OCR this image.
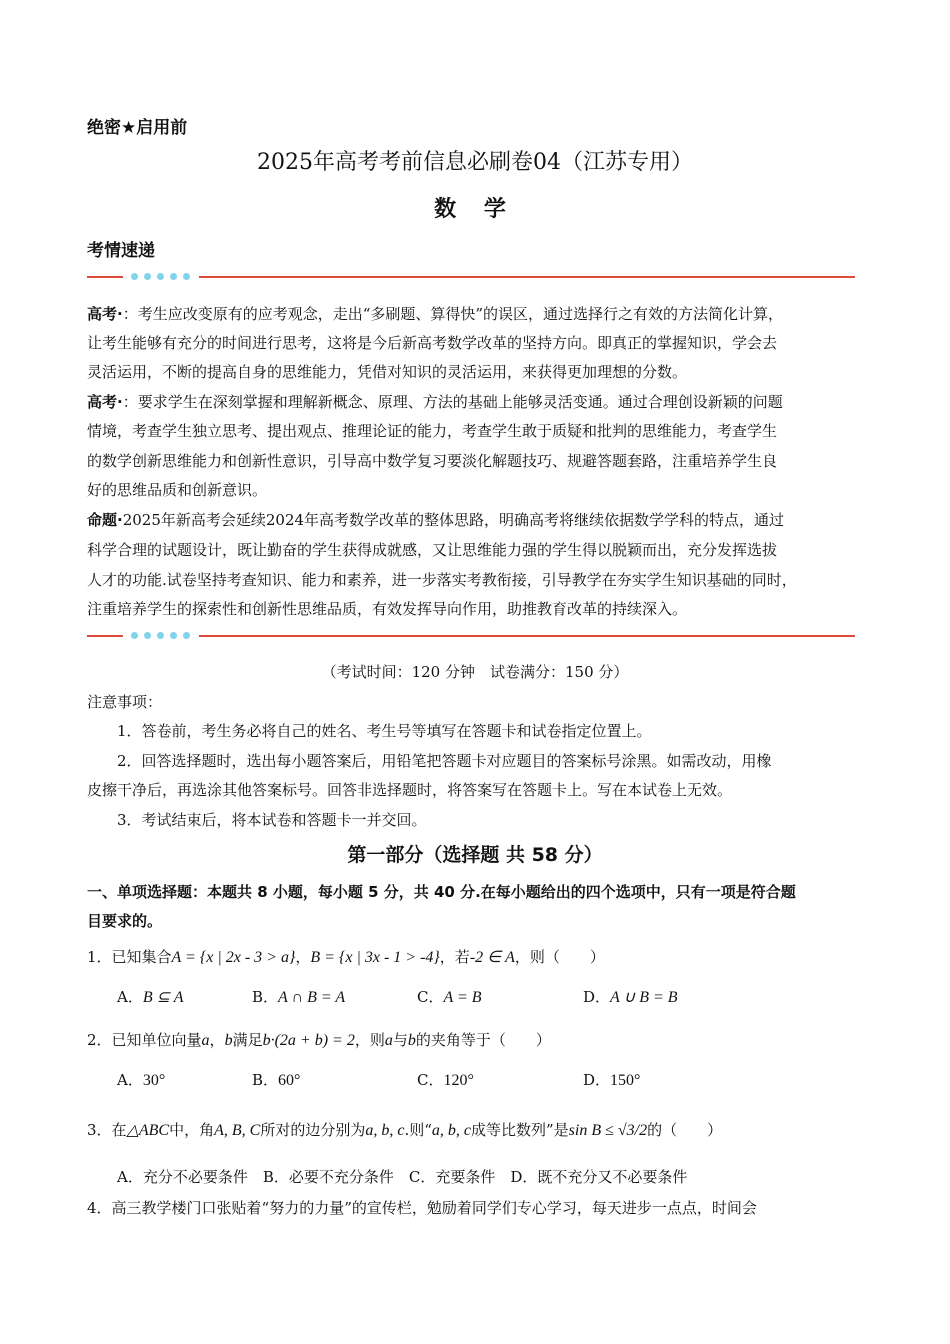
绝密★启用前
2025年高考考前信息必刷卷04（江苏专用）
数 学
考情速递
高考·：考生应改变原有的应考观念，走出“多刷题、算得快”的误区，通过选择行之有效的方法简化计算，
让考生能够有充分的时间进行思考，这将是今后新高考数学改革的坚持方向。即真正的掌握知识，学会去
灵活运用，不断的提高自身的思维能力，凭借对知识的灵活运用，来获得更加理想的分数。
高考·：要求学生在深刻掌握和理解新概念、原理、方法的基础上能够灵活变通。通过合理创设新颖的问题
情境，考查学生独立思考、提出观点、推理论证的能力，考查学生敢于质疑和批判的思维能力，考查学生
的数学创新思维能力和创新性意识，引导高中数学复习要淡化解题技巧、规避答题套路，注重培养学生良
好的思维品质和创新意识。
命题·2025年新高考会延续2024年高考数学改革的整体思路，明确高考将继续依据数学学科的特点，通过
科学合理的试题设计，既让勤奋的学生获得成就感，又让思维能力强的学生得以脱颖而出，充分发挥选拔
人才的功能.试卷坚持考查知识、能力和素养，进一步落实考教衔接，引导教学在夯实学生知识基础的同时，
注重培养学生的探索性和创新性思维品质，有效发挥导向作用，助推教育改革的持续深入。
（考试时间：120 分钟　试卷满分：150 分）
注意事项：
1．答卷前，考生务必将自己的姓名、考生号等填写在答题卡和试卷指定位置上。
2．回答选择题时，选出每小题答案后，用铅笔把答题卡对应题目的答案标号涂黑。如需改动，用橡
皮擦干净后，再选涂其他答案标号。回答非选择题时，将答案写在答题卡上。写在本试卷上无效。
3．考试结束后，将本试卷和答题卡一并交回。
第一部分（选择题 共 58 分）
一、单项选择题：本题共 8 小题，每小题 5 分，共 40 分.在每小题给出的四个选项中，只有一项是符合题
目要求的。
1．已知集合A = {x | 2x - 3 > a}，B = {x | 3x - 1 > -4}，若-2 ∈ A，则（　　）
A．B ⊆ A	B．A ∩ B = A	C．A = B	D．A ∪ B = B
2．已知单位向量a，b满足b·(2a + b) = 2，则a与b的夹角等于（　　）
A．30°	B．60°	C．120°	D．150°
3．在△ABC中，角A, B, C所对的边分别为a, b, c.则“a, b, c成等比数列”是sin B ≤ √3/2的（　　）
A．充分不必要条件　B．必要不充分条件　C．充要条件　D．既不充分又不必要条件
4．高三教学楼门口张贴着“努力的力量”的宣传栏，勉励着同学们专心学习，每天进步一点点，时间会
